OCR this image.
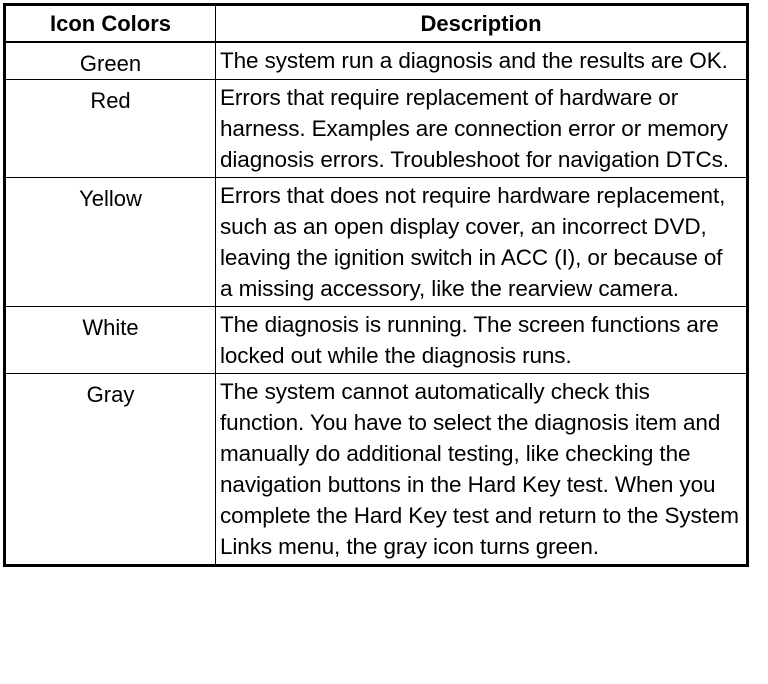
Icon Colors	Description
Green	The system run a diagnosis and the results are OK.
Red	Errors that require replacement of hardware or harness. Examples are connection error or memory diagnosis errors. Troubleshoot for navigation DTCs.
Yellow	Errors that does not require hardware replacement, such as an open display cover, an incorrect DVD, leaving the ignition switch in ACC (I), or because of a missing accessory, like the rearview camera.
White	The diagnosis is running. The screen functions are locked out while the diagnosis runs.
Gray	The system cannot automatically check this function. You have to select the diagnosis item and manually do additional testing, like checking the navigation buttons in the Hard Key test. When you complete the Hard Key test and return to the System Links menu, the gray icon turns green.
